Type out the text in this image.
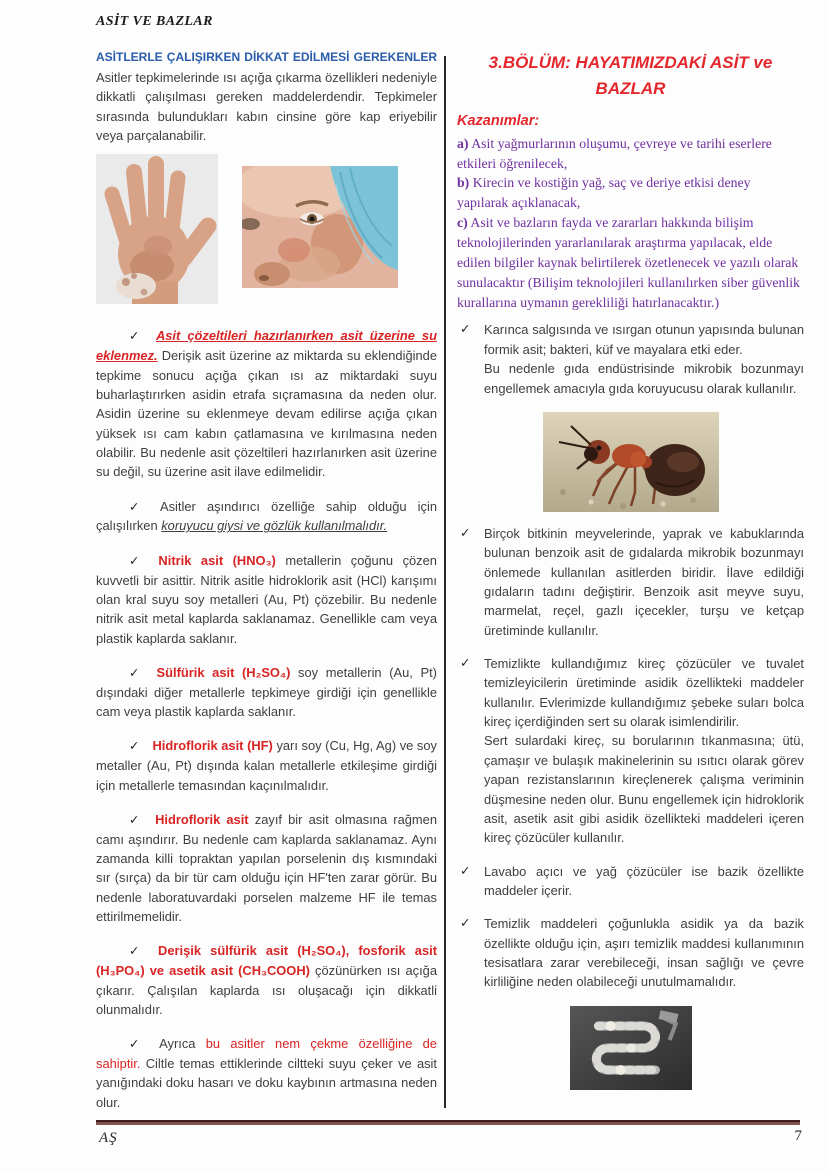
ASİT VE BAZLAR
ASİTLERLE ÇALIŞIRKEN DİKKAT EDİLMESİ GEREKENLER

Asitler tepkimelerinde ısı açığa çıkarma özellikleri nedeniyle dikkatli çalışılması gereken maddelerdendir. Tepkimeler sırasında bulundukları kabın cinsine göre kap eriyebilir veya parçalanabilir.

✓ Asit çözeltileri hazırlanırken asit üzerine su eklenmez. Derişik asit üzerine az miktarda su eklendiğinde tepkime sonucu açığa çıkan ısı az miktardaki suyu buharlaştırırken asidin etrafa sıçramasına da neden olur. Asidin üzerine su eklenmeye devam edilirse açığa çıkan yüksek ısı cam kabın çatlamasına ve kırılmasına neden olabilir. Bu nedenle asit çözeltileri hazırlanırken asit üzerine su değil, su üzerine asit ilave edilmelidir.

✓ Asitler aşındırıcı özelliğe sahip olduğu için çalışılırken koruyucu giysi ve gözlük kullanılmalıdır.

✓ Nitrik asit (HNO₃) metallerin çoğunu çözen kuvvetli bir asittir. Nitrik asitle hidroklorik asit (HCl) karışımı olan kral suyu soy metalleri (Au, Pt) çözebilir. Bu nedenle nitrik asit metal kaplarda saklanamaz. Genellikle cam veya plastik kaplarda saklanır.

✓ Sülfürik asit (H₂SO₄) soy metallerin (Au, Pt) dışındaki diğer metallerle tepkimeye girdiği için genellikle cam veya plastik kaplarda saklanır.

✓ Hidroflorik asit (HF) yarı soy (Cu, Hg, Ag) ve soy metaller (Au, Pt) dışında kalan metallerle etkileşime girdiği için metallerle temasından kaçınılmalıdır.

✓ Hidroflorik asit zayıf bir asit olmasına rağmen camı aşındırır. Bu nedenle cam kaplarda saklanamaz. Aynı zamanda killi topraktan yapılan porselenin dış kısmındaki sır (sırça) da bir tür cam olduğu için HF'ten zarar görür. Bu nedenle laboratuvardaki porselen malzeme HF ile temas ettirilmemelidir.

✓ Derişik sülfürik asit (H₂SO₄), fosforik asit (H₃PO₄) ve asetik asit (CH₃COOH) çözünürken ısı açığa çıkarır. Çalışılan kaplarda ısı oluşacağı için dikkatli olunmalıdır.

✓ Ayrıca bu asitler nem çekme özelliğine de sahiptir. Ciltle temas ettiklerinde ciltteki suyu çeker ve asit yanığındaki doku hasarı ve doku kaybının artmasına neden olur.

3.BÖLÜM: HAYATIMIZDAKİ ASİT ve BAZLAR
Kazanımlar:

a) Asit yağmurlarının oluşumu, çevreye ve tarihi eserlere etkileri öğrenilecek,

b) Kirecin ve kostiğin yağ, saç ve deriye etkisi deney yapılarak açıklanacak,

c) Asit ve bazların fayda ve zararları hakkında bilişim teknolojilerinden yararlanılarak araştırma yapılacak, elde edilen bilgiler kaynak belirtilerek özetlenecek ve yazılı olarak sunulacaktır (Bilişim teknolojileri kullanılırken siber güvenlik kurallarına uymanın gerekliliği hatırlanacaktır.)

✓ Karınca salgısında ve ısırgan otunun yapısında bulunan formik asit; bakteri, küf ve mayalara etki eder.

Bu nedenle gıda endüstrisinde mikrobik bozunmayı engellemek amacıyla gıda koruyucusu olarak kullanılır.

✓ Birçok bitkinin meyvelerinde, yaprak ve kabuklarında bulunan benzoik asit de gıdalarda mikrobik bozunmayı önlemede kullanılan asitlerden biridir. İlave edildiği gıdaların tadını değiştirir. Benzoik asit meyve suyu, marmelat, reçel, gazlı içecekler, turşu ve ketçap üretiminde kullanılır.

✓ Temizlikte kullandığımız kireç çözücüler ve tuvalet temizleyicilerin üretiminde asidik özellikteki maddeler kullanılır. Evlerimizde kullandığımız şebeke suları bolca kireç içerdiğinden sert su olarak isimlendirilir.

Sert sulardaki kireç, su borularının tıkanmasına; ütü, çamaşır ve bulaşık makinelerinin su ısıtıcı olarak görev yapan rezistanslarının kireçlenerek çalışma veriminin düşmesine neden olur. Bunu engellemek için hidroklorik asit, asetik asit gibi asidik özellikteki maddeleri içeren kireç çözücüler kullanılır.

✓ Lavabo açıcı ve yağ çözücüler ise bazik özellikte maddeler içerir.

✓ Temizlik maddeleri çoğunlukla asidik ya da bazik özellikte olduğu için, aşırı temizlik maddesi kullanımının tesisatlara zarar verebileceği, insan sağlığı ve çevre kirliliğine neden olabileceği unutulmamalıdır.

AŞ	7
